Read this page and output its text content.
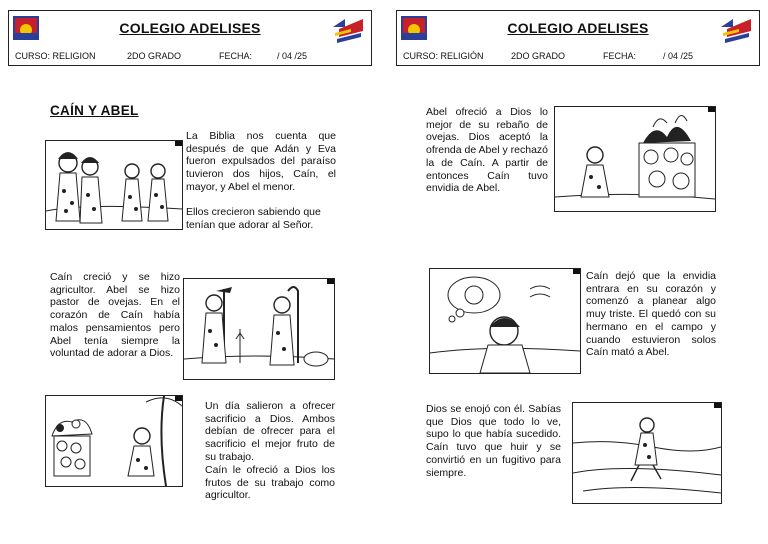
COLEGIO ADELISES
CURSO: RELIGION	2DO GRADO	FECHA:	/ 04 /25
CAÍN Y ABEL

La Biblia nos cuenta que después de que Adán y Eva fueron expulsados del paraíso tuvieron dos hijos, Caín, el mayor, y Abel el menor.

Ellos crecieron sabiendo que tenían que adorar al Señor.

Caín creció y se hizo agricultor. Abel se hizo pastor de ovejas. En el corazón de Caín había malos pensamientos pero Abel tenía siempre la voluntad de adorar a Dios.

Un día salieron a ofrecer sacrificio a Dios. Ambos debían de ofrecer para el sacrificio el mejor fruto de su trabajo.

Caín le ofreció a Dios los frutos de su trabajo como agricultor.

COLEGIO ADELISES
CURSO: RELIGIÓN	2DO GRADO	FECHA:	/ 04 /25

Abel ofreció a Dios lo mejor de su rebaño de ovejas. Dios aceptó la ofrenda de Abel y rechazó la de Caín. A partir de entonces Caín tuvo envidia de Abel.

Caín dejó que la envidia entrara en su corazón y comenzó a planear algo muy triste. El quedó con su hermano en el campo y cuando estuvieron solos Caín mató a Abel.

Dios se enojó con él. Sabías que Dios que todo lo ve, supo lo que había sucedido. Caín tuvo que huir y se convirtió en un fugitivo para siempre.
